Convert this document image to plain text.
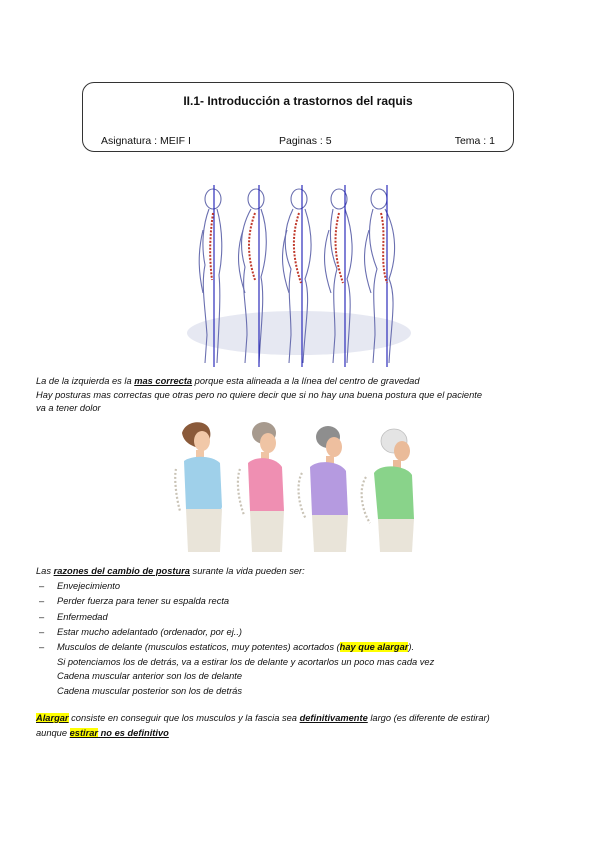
II.1- Introducción a trastornos del raquis
Asignatura : MEIF I	Paginas : 5	Tema : 1
La de la izquierda es la mas correcta porque esta alineada a la línea del centro de gravedad
Hay posturas mas correctas que otras pero no quiere decir que si no hay una buena postura que el paciente
va a tener dolor
Las razones del cambio de postura surante la vida pueden ser:
– Envejecimiento
– Perder fuerza para tener su espalda recta
– Enfermedad
– Estar mucho adelantado (ordenador, por ej..)
– Musculos de delante (musculos estaticos, muy potentes) acortados (hay que alargar).
Si potenciamos los de detrás, va a estirar los de delante y acortarlos un poco mas cada vez
Cadena muscular anterior son los de delante
Cadena muscular posterior son los de detrás
Alargar consiste en conseguir que los musculos y la fascia sea definitivamente largo (es diferente de estirar)
aunque estirar no es definitivo
